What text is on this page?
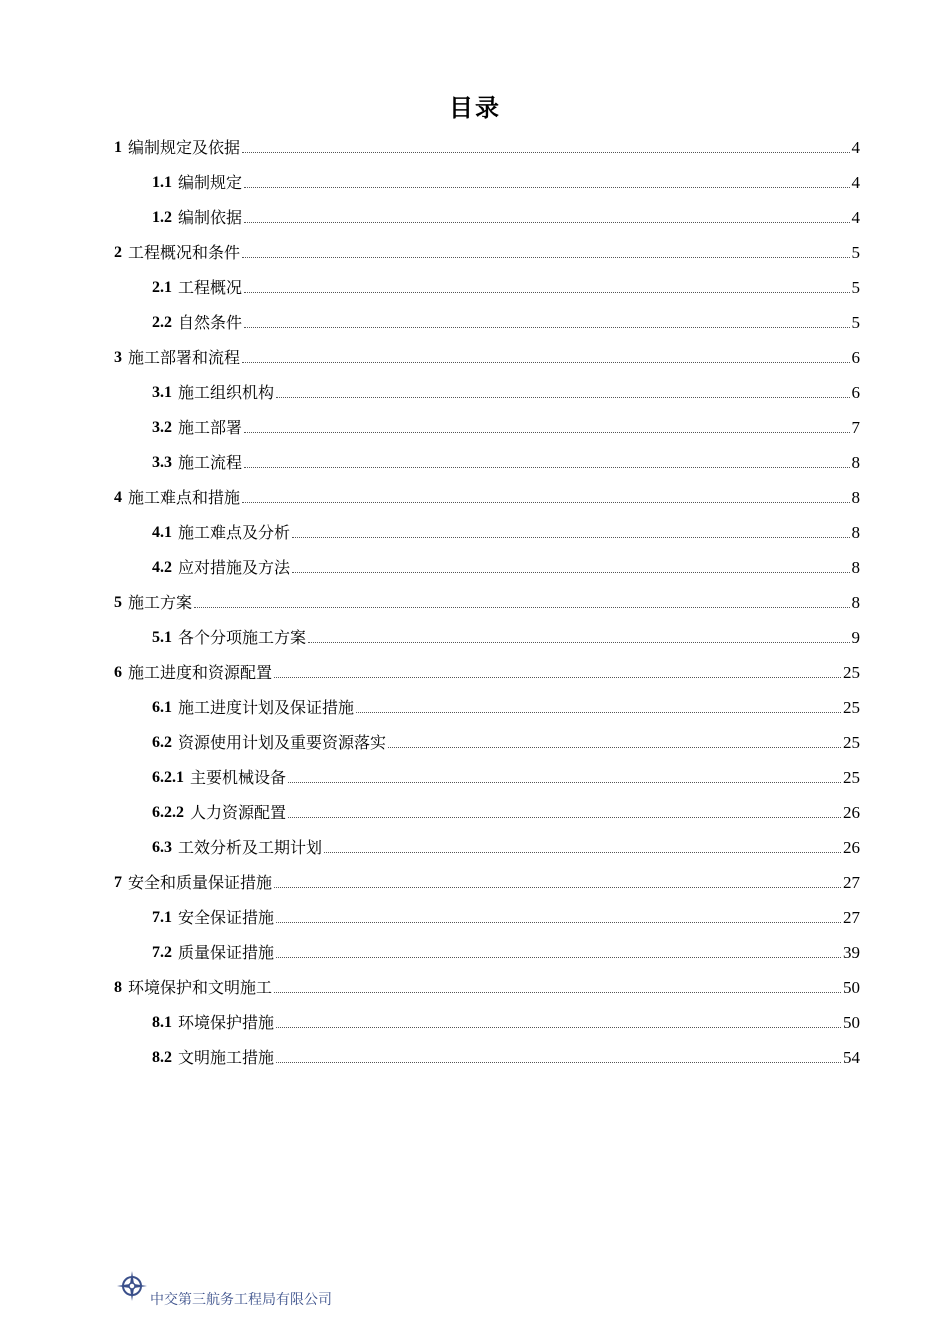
目录
1 编制规定及依据	4
1.1 编制规定	4
1.2 编制依据	4
2 工程概况和条件	5
2.1 工程概况	5
2.2 自然条件	5
3 施工部署和流程	6
3.1 施工组织机构	6
3.2 施工部署	7
3.3 施工流程	8
4 施工难点和措施	8
4.1 施工难点及分析	8
4.2 应对措施及方法	8
5 施工方案	8
5.1 各个分项施工方案	9
6 施工进度和资源配置	25
6.1 施工进度计划及保证措施	25
6.2 资源使用计划及重要资源落实	25
6.2.1 主要机械设备	25
6.2.2 人力资源配置	26
6.3 工效分析及工期计划	26
7 安全和质量保证措施	27
7.1 安全保证措施	27
7.2 质量保证措施	39
8 环境保护和文明施工	50
8.1 环境保护措施	50
8.2 文明施工措施	54
中交第三航务工程局有限公司
